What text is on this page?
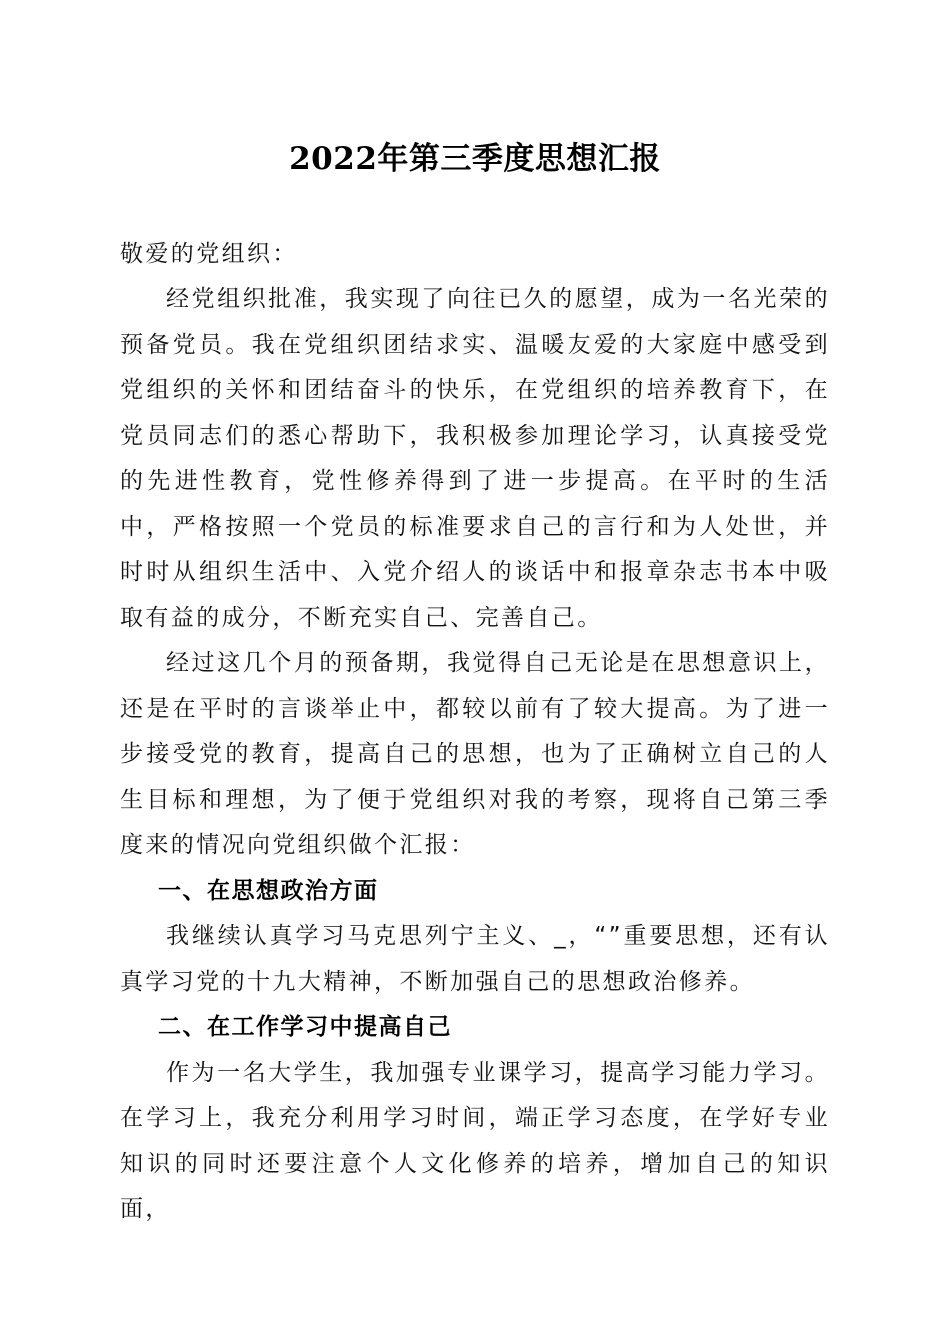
2022年第三季度思想汇报
敬爱的党组织：

经党组织批准，我实现了向往已久的愿望，成为一名光荣的预备党员。我在党组织团结求实、温暖友爱的大家庭中感受到党组织的关怀和团结奋斗的快乐，在党组织的培养教育下，在党员同志们的悉心帮助下，我积极参加理论学习，认真接受党的先进性教育，党性修养得到了进一步提高。在平时的生活中，严格按照一个党员的标准要求自己的言行和为人处世，并时时从组织生活中、入党介绍人的谈话中和报章杂志书本中吸取有益的成分，不断充实自己、完善自己。

经过这几个月的预备期，我觉得自己无论是在思想意识上，还是在平时的言谈举止中，都较以前有了较大提高。为了进一步接受党的教育，提高自己的思想，也为了正确树立自己的人生目标和理想，为了便于党组织对我的考察，现将自己第三季度来的情况向党组织做个汇报：

一、在思想政治方面

我继续认真学习马克思列宁主义、_，“”重要思想，还有认真学习党的十九大精神，不断加强自己的思想政治修养。

二、在工作学习中提高自己

作为一名大学生，我加强专业课学习，提高学习能力学习。在学习上，我充分利用学习时间，端正学习态度，在学好专业知识的同时还要注意个人文化修养的培养，增加自己的知识面，
